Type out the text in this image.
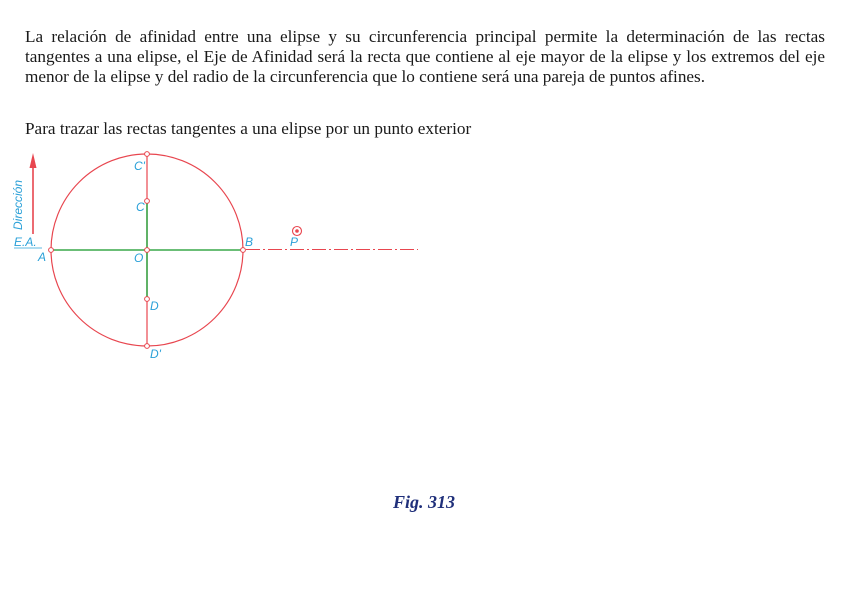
La relación de afinidad entre una elipse y su circunferencia principal permite la determinación de las rectas tangentes a una elipse, el Eje de Afinidad será la recta que contiene al eje mayor de la elipse y los extremos del eje menor de la elipse y del radio de la circunferencia que lo contiene será una pareja de puntos afines.

Para trazar las rectas tangentes a una elipse por un punto exterior

Dirección
E.A.
A
B
O
C
C'
D
D'
P

Fig. 313
